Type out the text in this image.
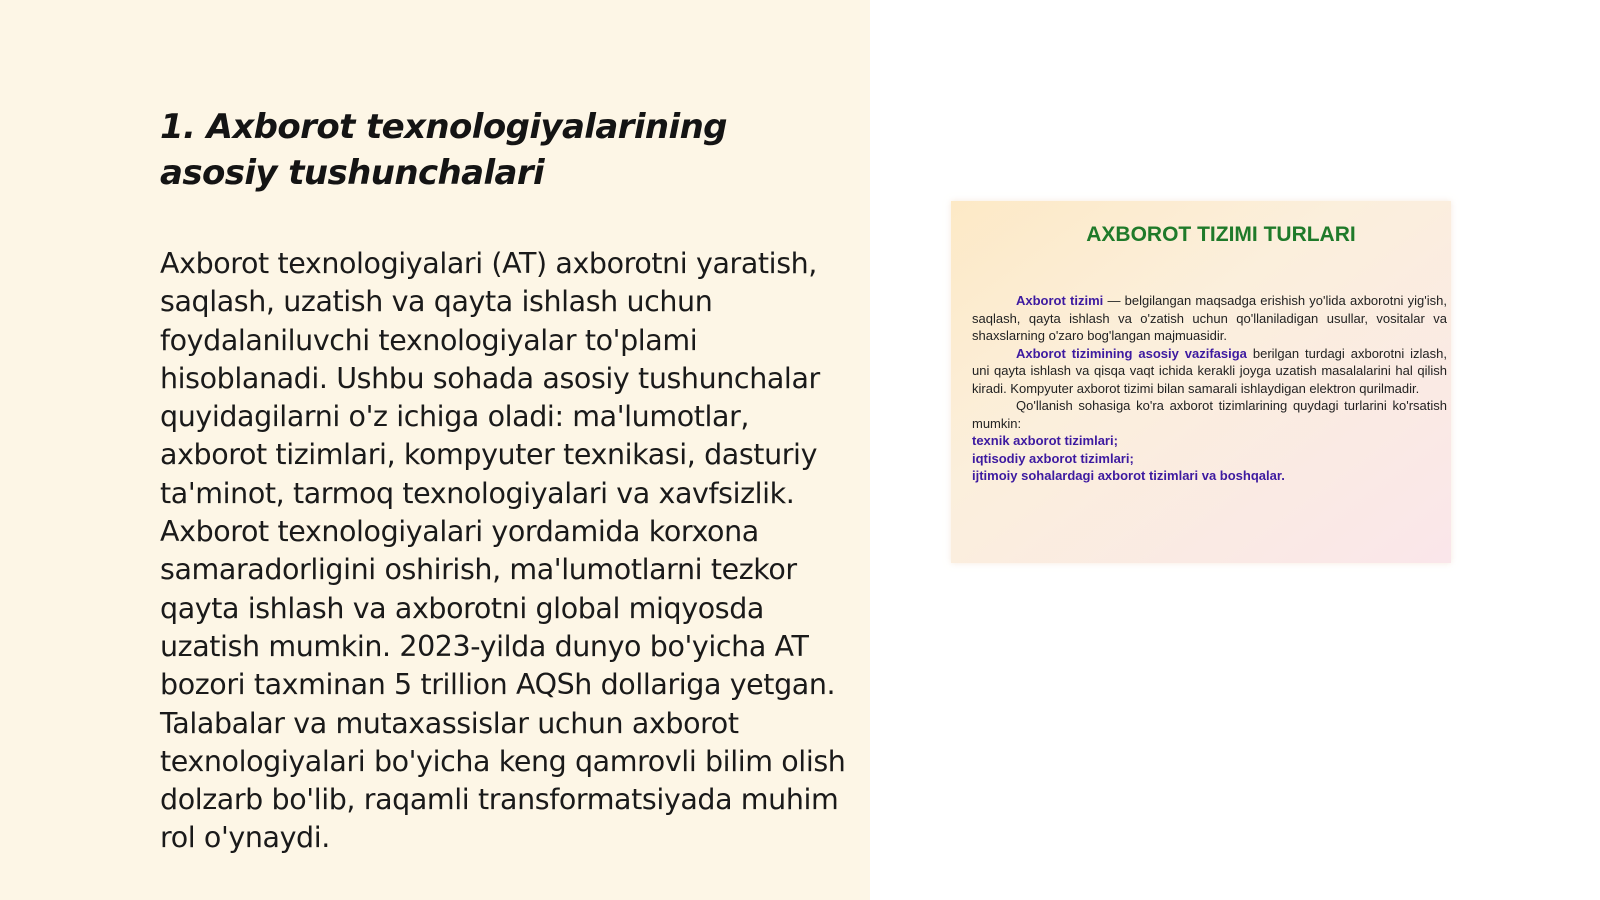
1. Axborot texnologiyalarining asosiy tushunchalari
Axborot texnologiyalari (AT) axborotni yaratish, saqlash, uzatish va qayta ishlash uchun foydalaniluvchi texnologiyalar to'plami hisoblanadi. Ushbu sohada asosiy tushunchalar quyidagilarni o'z ichiga oladi: ma'lumotlar, axborot tizimlari, kompyuter texnikasi, dasturiy ta'minot, tarmoq texnologiyalari va xavfsizlik. Axborot texnologiyalari yordamida korxona samaradorligini oshirish, ma'lumotlarni tezkor qayta ishlash va axborotni global miqyosda uzatish mumkin. 2023-yilda dunyo bo'yicha AT bozori taxminan 5 trillion AQSh dollariga yetgan. Talabalar va mutaxassislar uchun axborot texnologiyalari bo'yicha keng qamrovli bilim olish dolzarb bo'lib, raqamli transformatsiyada muhim rol o'ynaydi.
AXBOROT TIZIMI TURLARI

Axborot tizimi — belgilangan maqsadga erishish yo'lida axborotni yig'ish, saqlash, qayta ishlash va o'zatish uchun qo'llaniladigan usullar, vositalar va shaxslarning o'zaro bog'langan majmuasidir.

Axborot tizimining asosiy vazifasiga berilgan turdagi axborotni izlash, uni qayta ishlash va qisqa vaqt ichida kerakli joyga uzatish masalalarini hal qilish kiradi. Kompyuter axborot tizimi bilan samarali ishlaydigan elektron qurilmadir.

Qo'llanish sohasiga ko'ra axborot tizimlarining quydagi turlarini ko'rsatish mumkin:

texnik axborot tizimlari;
iqtisodiy axborot tizimlari;
ijtimoiy sohalardagi axborot tizimlari va boshqalar.
